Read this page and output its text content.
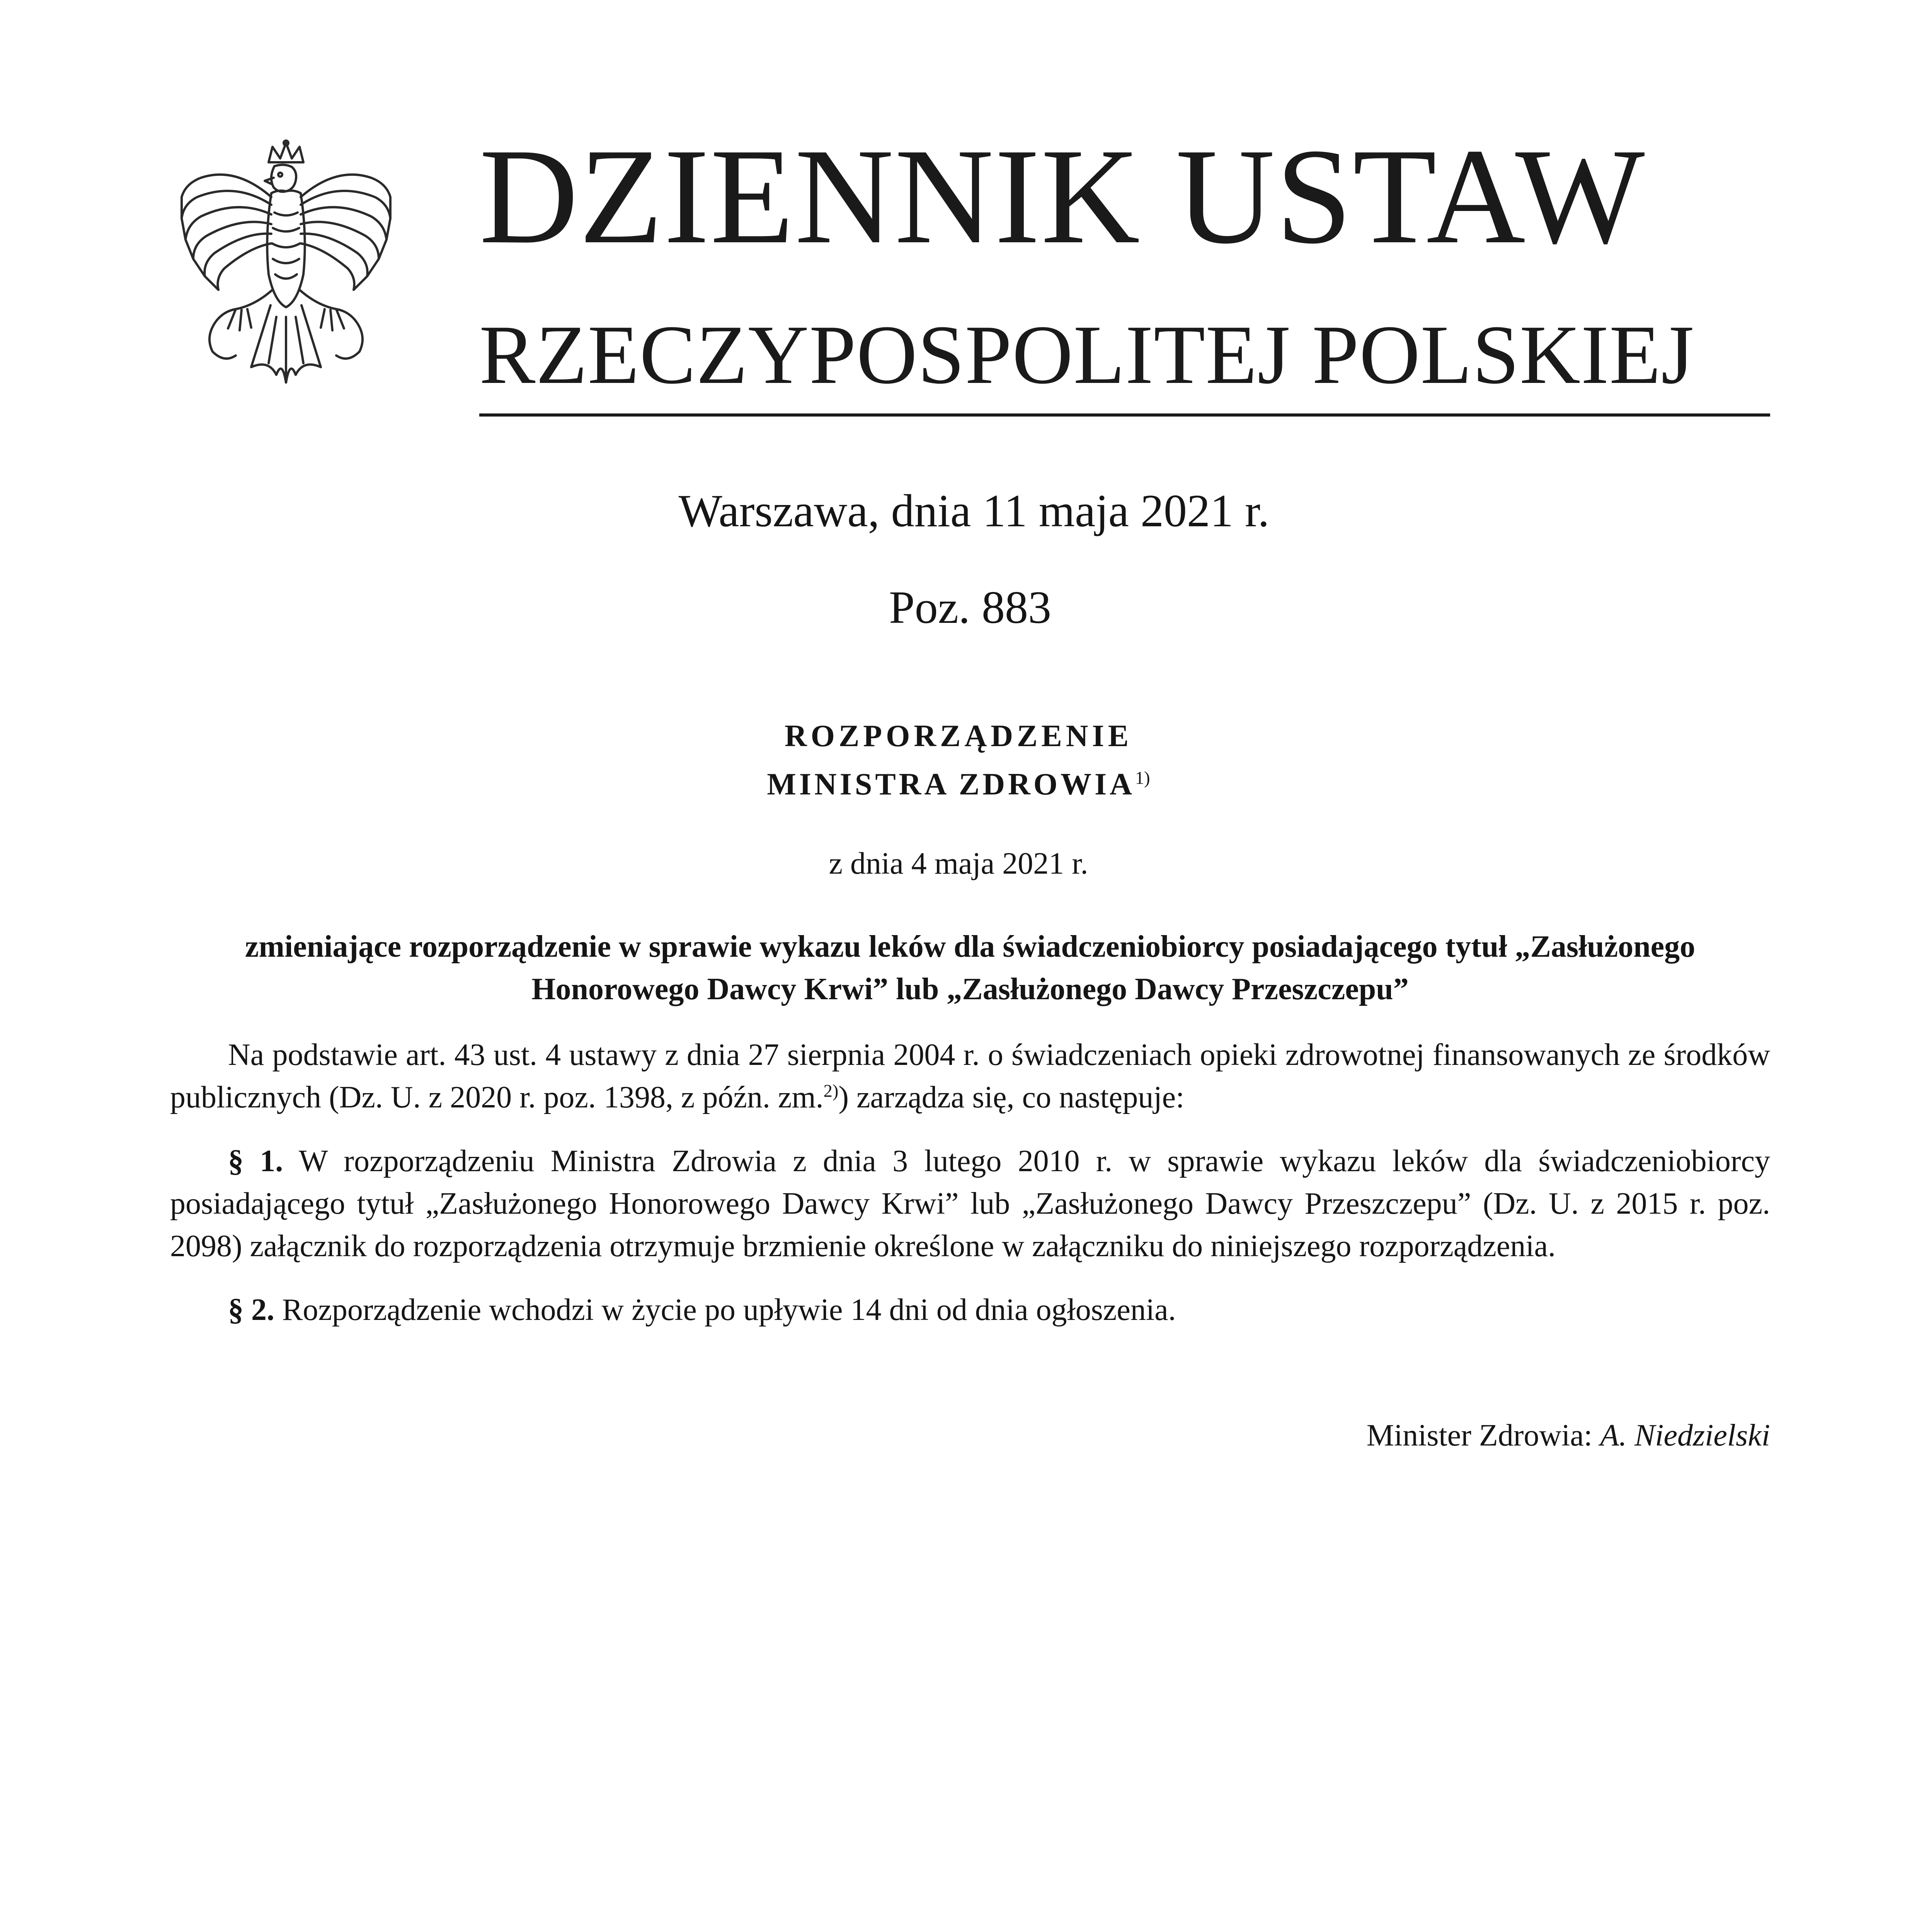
DZIENNIK USTAW
RZECZYPOSPOLITEJ POLSKIEJ
Warszawa, dnia 11 maja 2021 r.
Poz. 883
ROZPORZĄDZENIE
MINISTRA ZDROWIA$^{1)}$
z dnia 4 maja 2021 r.
zmieniające rozporządzenie w sprawie wykazu leków dla świadczeniobiorcy posiadającego tytuł „Zasłużonego Honorowego Dawcy Krwi” lub „Zasłużonego Dawcy Przeszczepu”

Na podstawie art. 43 ust. 4 ustawy z dnia 27 sierpnia 2004 r. o świadczeniach opieki zdrowotnej finansowanych ze środków publicznych (Dz. U. z 2020 r. poz. 1398, z późn. zm.$^{2)}$) zarządza się, co następuje:

§ 1. W rozporządzeniu Ministra Zdrowia z dnia 3 lutego 2010 r. w sprawie wykazu leków dla świadczeniobiorcy posiadającego tytuł „Zasłużonego Honorowego Dawcy Krwi” lub „Zasłużonego Dawcy Przeszczepu” (Dz. U. z 2015 r. poz. 2098) załącznik do rozporządzenia otrzymuje brzmienie określone w załączniku do niniejszego rozporządzenia.

§ 2. Rozporządzenie wchodzi w życie po upływie 14 dni od dnia ogłoszenia.

Minister Zdrowia: A. Niedzielski
